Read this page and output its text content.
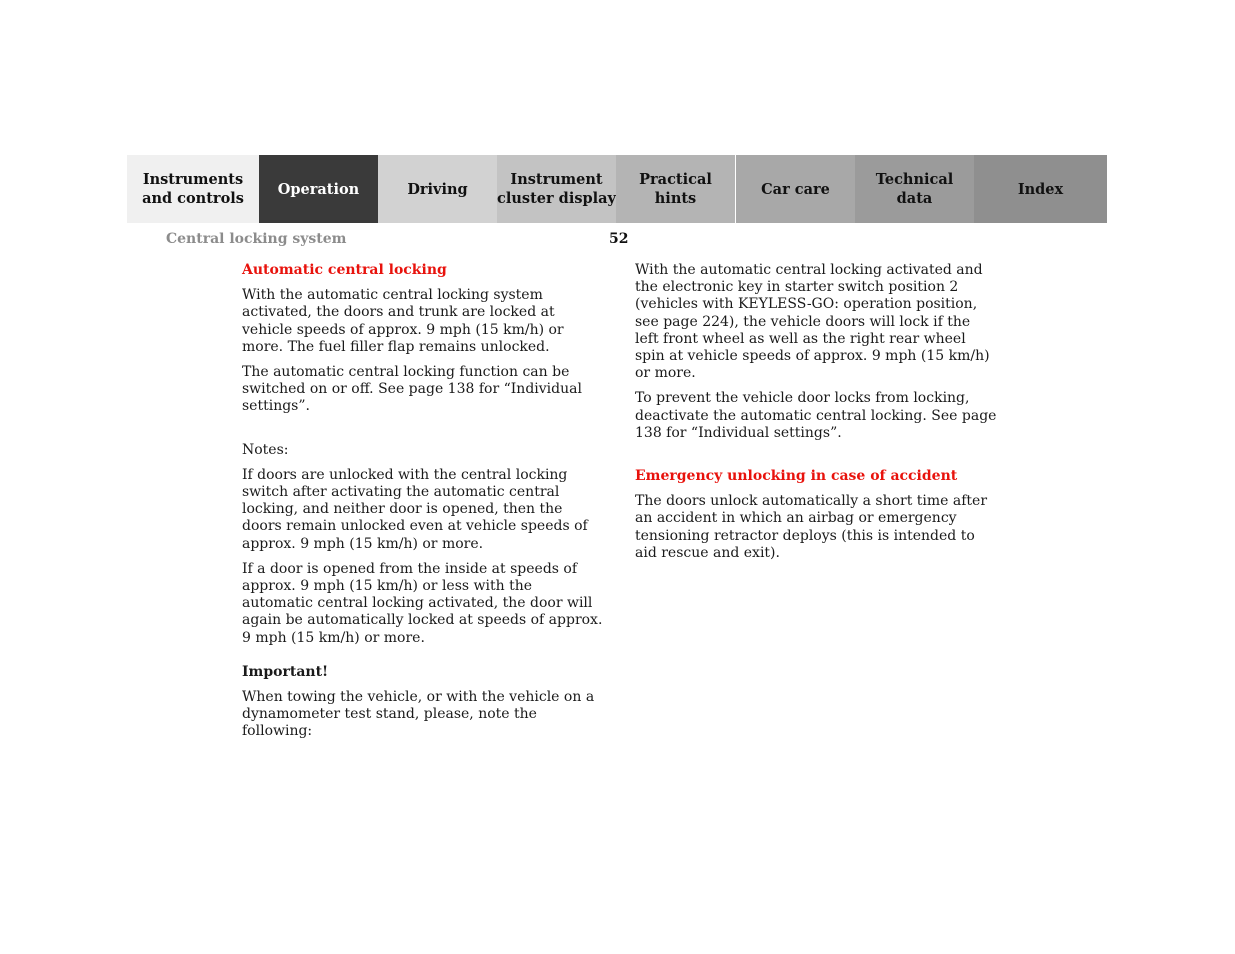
Instruments
and controls
Operation	Driving
Instrument
cluster display
Practical hints
Car care
Technical
data
Index
Central locking system	52

Automatic central locking

With the automatic central locking system activated, the doors and trunk are locked at vehicle speeds of approx. 9 mph (15 km/h) or more. The fuel filler flap remains unlocked.

The automatic central locking function can be switched on or off. See page 138 for “Individual settings”.

Notes:

If doors are unlocked with the central locking switch after activating the automatic central locking, and neither door is opened, then the doors remain unlocked even at vehicle speeds of approx. 9 mph (15 km/h) or more.

If a door is opened from the inside at speeds of approx. 9 mph (15 km/h) or less with the automatic central locking activated, the door will again be automatically locked at speeds of approx. 9 mph (15 km/h) or more.

Important!

When towing the vehicle, or with the vehicle on a dynamometer test stand, please, note the following:

With the automatic central locking activated and the electronic key in starter switch position 2 (vehicles with KEYLESS-GO: operation position, see page 224), the vehicle doors will lock if the left front wheel as well as the right rear wheel spin at vehicle speeds of approx. 9 mph (15 km/h) or more.

To prevent the vehicle door locks from locking, deactivate the automatic central locking. See page 138 for “Individual settings”.

Emergency unlocking in case of accident

The doors unlock automatically a short time after an accident in which an airbag or emergency tensioning retractor deploys (this is intended to aid rescue and exit).
